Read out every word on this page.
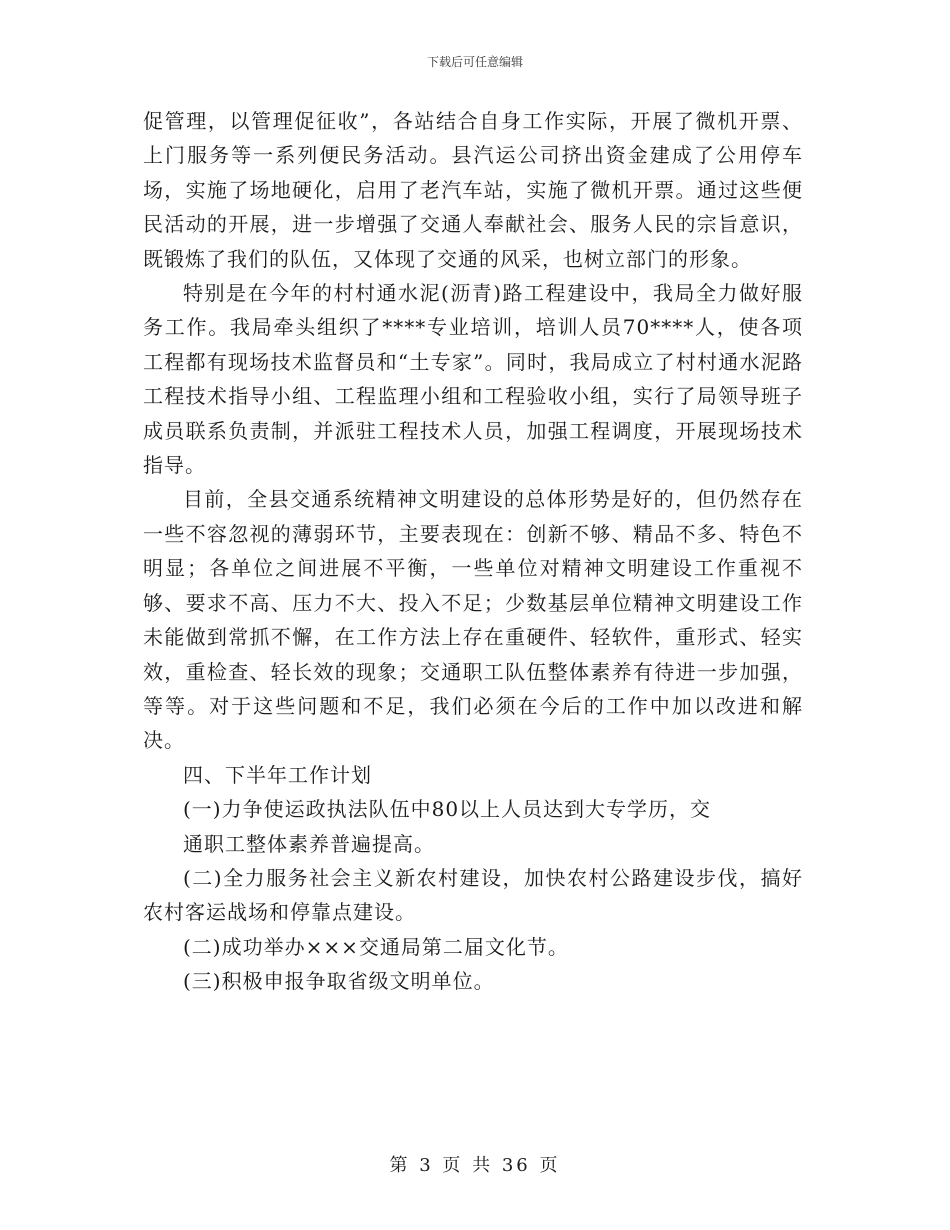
下载后可任意编辑

促管理，以管理促征收”，各站结合自身工作实际，开展了微机开票、上门服务等一系列便民务活动。县汽运公司挤出资金建成了公用停车场，实施了场地硬化，启用了老汽车站，实施了微机开票。通过这些便民活动的开展，进一步增强了交通人奉献社会、服务人民的宗旨意识，既锻炼了我们的队伍，又体现了交通的风采，也树立部门的形象。

特别是在今年的村村通水泥(沥青)路工程建设中，我局全力做好服务工作。我局牵头组织了****专业培训，培训人员70****人，使各项工程都有现场技术监督员和“土专家”。同时，我局成立了村村通水泥路工程技术指导小组、工程监理小组和工程验收小组，实行了局领导班子成员联系负责制，并派驻工程技术人员，加强工程调度，开展现场技术指导。

目前，全县交通系统精神文明建设的总体形势是好的，但仍然存在一些不容忽视的薄弱环节，主要表现在：创新不够、精品不多、特色不明显；各单位之间进展不平衡，一些单位对精神文明建设工作重视不够、要求不高、压力不大、投入不足；少数基层单位精神文明建设工作未能做到常抓不懈，在工作方法上存在重硬件、轻软件，重形式、轻实效，重检查、轻长效的现象；交通职工队伍整体素养有待进一步加强，等等。对于这些问题和不足，我们必须在今后的工作中加以改进和解决。

四、下半年工作计划

(一)力争使运政执法队伍中80以上人员达到大专学历，交

通职工整体素养普遍提高。

(二)全力服务社会主义新农村建设，加快农村公路建设步伐，搞好农村客运战场和停靠点建设。

(二)成功举办×××交通局第二届文化节。

(三)积极申报争取省级文明单位。

第 3 页 共 36 页
